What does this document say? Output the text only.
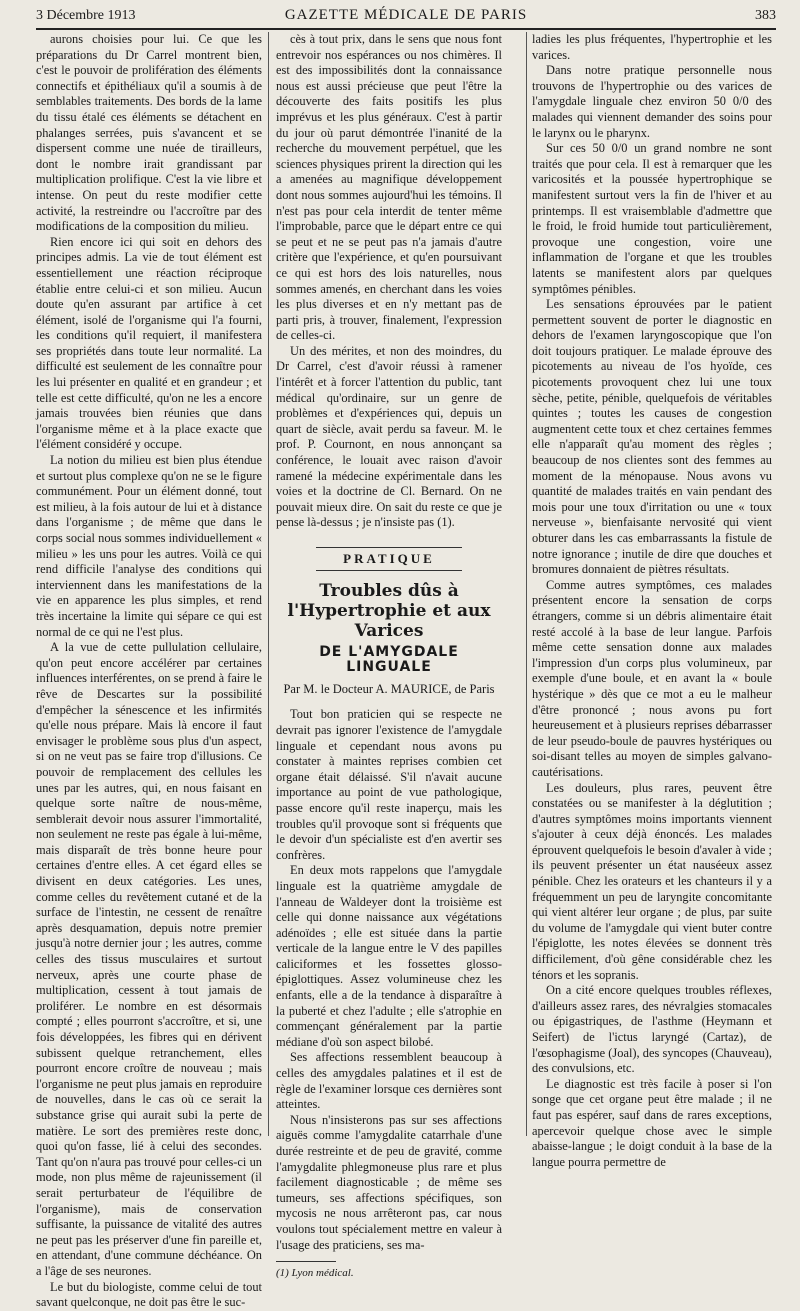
3 Décembre 1913	GAZETTE MÉDICALE DE PARIS	383

aurons choisies pour lui. Ce que les préparations du Dr Carrel montrent bien, c'est le pouvoir de prolifération des éléments connectifs et épithéliaux qu'il a soumis à de semblables traitements. Des bords de la lame du tissu étalé ces éléments se détachent en phalanges serrées, puis s'avancent et se dispersent comme une nuée de tirailleurs, dont le nombre irait grandissant par multiplication prolifique. C'est la vie libre et intense. On peut du reste modifier cette activité, la restreindre ou l'accroître par des modifications de la composition du milieu.

Rien encore ici qui soit en dehors des principes admis. La vie de tout élément est essentiellement une réaction réciproque établie entre celui-ci et son milieu. Aucun doute qu'en assurant par artifice à cet élément, isolé de l'organisme qui l'a fourni, les conditions qu'il requiert, il manifestera ses propriétés dans toute leur normalité. La difficulté est seulement de les connaître pour les lui présenter en qualité et en grandeur ; et telle est cette difficulté, qu'on ne les a encore jamais trouvées bien réunies que dans l'organisme même et à la place exacte que l'élément considéré y occupe.

La notion du milieu est bien plus étendue et surtout plus complexe qu'on ne se le figure communément. Pour un élément donné, tout est milieu, à la fois autour de lui et à distance dans l'organisme ; de même que dans le corps social nous sommes individuellement « milieu » les uns pour les autres. Voilà ce qui rend difficile l'analyse des conditions qui interviennent dans les manifestations de la vie en apparence les plus simples, et rend très incertaine la limite qui sépare ce qui est normal de ce qui ne l'est plus.

A la vue de cette pullulation cellulaire, qu'on peut encore accélérer par certaines influences interférentes, on se prend à faire le rêve de Descartes sur la possibilité d'empêcher la sénescence et les infirmités qu'elle nous prépare. Mais là encore il faut envisager le problème sous plus d'un aspect, si on ne veut pas se faire trop d'illusions. Ce pouvoir de remplacement des cellules les unes par les autres, qui, en nous faisant en quelque sorte naître de nous-même, semblerait devoir nous assurer l'immortalité, non seulement ne reste pas égale à lui-même, mais disparaît de très bonne heure pour certaines d'entre elles. A cet égard elles se divisent en deux catégories. Les unes, comme celles du revêtement cutané et de la surface de l'intestin, ne cessent de renaître après desquamation, depuis notre premier jusqu'à notre dernier jour ; les autres, comme celles des tissus musculaires et surtout nerveux, après une courte phase de multiplication, cessent à tout jamais de proliférer. Le nombre en est désormais compté ; elles pourront s'accroître, et si, une fois développées, les fibres qui en dérivent subissent quelque retranchement, elles pourront encore croître de nouveau ; mais l'organisme ne peut plus jamais en reproduire de nouvelles, dans le cas où ce serait la substance grise qui aurait subi la perte de matière. Le sort des premières reste donc, quoi qu'on fasse, lié à celui des secondes. Tant qu'on n'aura pas trouvé pour celles-ci un mode, non plus même de rajeunissement (il serait perturbateur de l'équilibre de l'organisme), mais de conservation suffisante, la puissance de vitalité des autres ne peut pas les préserver d'une fin pareille et, en attendant, d'une commune déchéance. On a l'âge de ses neurones.

Le but du biologiste, comme celui de tout savant quelconque, ne doit pas être le suc-

cès à tout prix, dans le sens que nous font entrevoir nos espérances ou nos chimères. Il est des impossibilités dont la connaissance nous est aussi précieuse que peut l'être la découverte des faits positifs les plus imprévus et les plus généraux. C'est à partir du jour où parut démontrée l'inanité de la recherche du mouvement perpétuel, que les sciences physiques prirent la direction qui les a amenées au magnifique développement dont nous sommes aujourd'hui les témoins. Il n'est pas pour cela interdit de tenter même l'improbable, parce que le départ entre ce qui se peut et ne se peut pas n'a jamais d'autre critère que l'expérience, et qu'en poursuivant ce qui est hors des lois naturelles, nous sommes amenés, en cherchant dans les voies les plus diverses et en n'y mettant pas de parti pris, à trouver, finalement, l'expression de celles-ci.

Un des mérites, et non des moindres, du Dr Carrel, c'est d'avoir réussi à ramener l'intérêt et à forcer l'attention du public, tant médical qu'ordinaire, sur un genre de problèmes et d'expériences qui, depuis un quart de siècle, avait perdu sa faveur. M. le prof. P. Cournont, en nous annonçant sa conférence, le louait avec raison d'avoir ramené la médecine expérimentale dans les voies et la doctrine de Cl. Bernard. On ne pouvait mieux dire. On sait du reste ce que je pense là-dessus ; je n'insiste pas (1).

PRATIQUE
Troubles dûs à l'Hypertrophie et aux Varices
DE L'AMYGDALE LINGUALE
Par M. le Docteur A. MAURICE, de Paris

Tout bon praticien qui se respecte ne devrait pas ignorer l'existence de l'amygdale linguale et cependant nous avons pu constater à maintes reprises combien cet organe était délaissé. S'il n'avait aucune importance au point de vue pathologique, passe encore qu'il reste inaperçu, mais les troubles qu'il provoque sont si fréquents que le devoir d'un spécialiste est d'en avertir ses confrères.

En deux mots rappelons que l'amygdale linguale est la quatrième amygdale de l'anneau de Waldeyer dont la troisième est celle qui donne naissance aux végétations adénoïdes ; elle est située dans la partie verticale de la langue entre le V des papilles caliciformes et les fossettes glosso-épiglottiques. Assez volumineuse chez les enfants, elle a de la tendance à disparaître à la puberté et chez l'adulte ; elle s'atrophie en commençant généralement par la partie médiane d'où son aspect bilobé.

Ses affections ressemblent beaucoup à celles des amygdales palatines et il est de règle de l'examiner lorsque ces dernières sont atteintes.

Nous n'insisterons pas sur ses affections aiguës comme l'amygdalite catarrhale d'une durée restreinte et de peu de gravité, comme l'amygdalite phlegmoneuse plus rare et plus facilement diagnosticable ; de même ses tumeurs, ses affections spécifiques, son mycosis ne nous arrêteront pas, car nous voulons tout spécialement mettre en valeur à l'usage des praticiens, ses ma-

(1) Lyon médical.

ladies les plus fréquentes, l'hypertrophie et les varices.

Dans notre pratique personnelle nous trouvons de l'hypertrophie ou des varices de l'amygdale linguale chez environ 50 0/0 des malades qui viennent demander des soins pour le larynx ou le pharynx.

Sur ces 50 0/0 un grand nombre ne sont traités que pour cela. Il est à remarquer que les varicosités et la poussée hypertrophique se manifestent surtout vers la fin de l'hiver et au printemps. Il est vraisemblable d'admettre que le froid, le froid humide tout particulièrement, provoque une congestion, voire une inflammation de l'organe et que les troubles latents se manifestent alors par quelques symptômes pénibles.

Les sensations éprouvées par le patient permettent souvent de porter le diagnostic en dehors de l'examen laryngoscopique que l'on doit toujours pratiquer. Le malade éprouve des picotements au niveau de l'os hyoïde, ces picotements provoquent chez lui une toux sèche, petite, pénible, quelquefois de véritables quintes ; toutes les causes de congestion augmentent cette toux et chez certaines femmes elle n'apparaît qu'au moment des règles ; beaucoup de nos clientes sont des femmes au moment de la ménopause. Nous avons vu quantité de malades traités en vain pendant des mois pour une toux d'irritation ou une « toux nerveuse », bienfaisante nervosité qui vient obturer dans les cas embarrassants la fistule de notre ignorance ; inutile de dire que douches et bromures donnaient de piètres résultats.

Comme autres symptômes, ces malades présentent encore la sensation de corps étrangers, comme si un débris alimentaire était resté accolé à la base de leur langue. Parfois même cette sensation donne aux malades l'impression d'un corps plus volumineux, par exemple d'une boule, et en avant la « boule hystérique » dès que ce mot a eu le malheur d'être prononcé ; nous avons pu fort heureusement et à plusieurs reprises débarrasser de leur pseudo-boule de pauvres hystériques ou soi-disant telles au moyen de simples galvano-cautérisations.

Les douleurs, plus rares, peuvent être constatées ou se manifester à la déglutition ; d'autres symptômes moins importants viennent s'ajouter à ceux déjà énoncés. Les malades éprouvent quelquefois le besoin d'avaler à vide ; ils peuvent présenter un état nauséeux assez pénible. Chez les orateurs et les chanteurs il y a fréquemment un peu de laryngite concomitante qui vient altérer leur organe ; de plus, par suite du volume de l'amygdale qui vient buter contre l'épiglotte, les notes élevées se donnent très difficilement, d'où gêne considérable chez les ténors et les sopranis.

On a cité encore quelques troubles réflexes, d'ailleurs assez rares, des névralgies stomacales ou épigastriques, de l'asthme (Heymann et Seifert) de l'ictus laryngé (Cartaz), de l'œsophagisme (Joal), des syncopes (Chauveau), des convulsions, etc.

Le diagnostic est très facile à poser si l'on songe que cet organe peut être malade ; il ne faut pas espérer, sauf dans de rares exceptions, apercevoir quelque chose avec le simple abaisse-langue ; le doigt conduit à la base de la langue pourra permettre de
